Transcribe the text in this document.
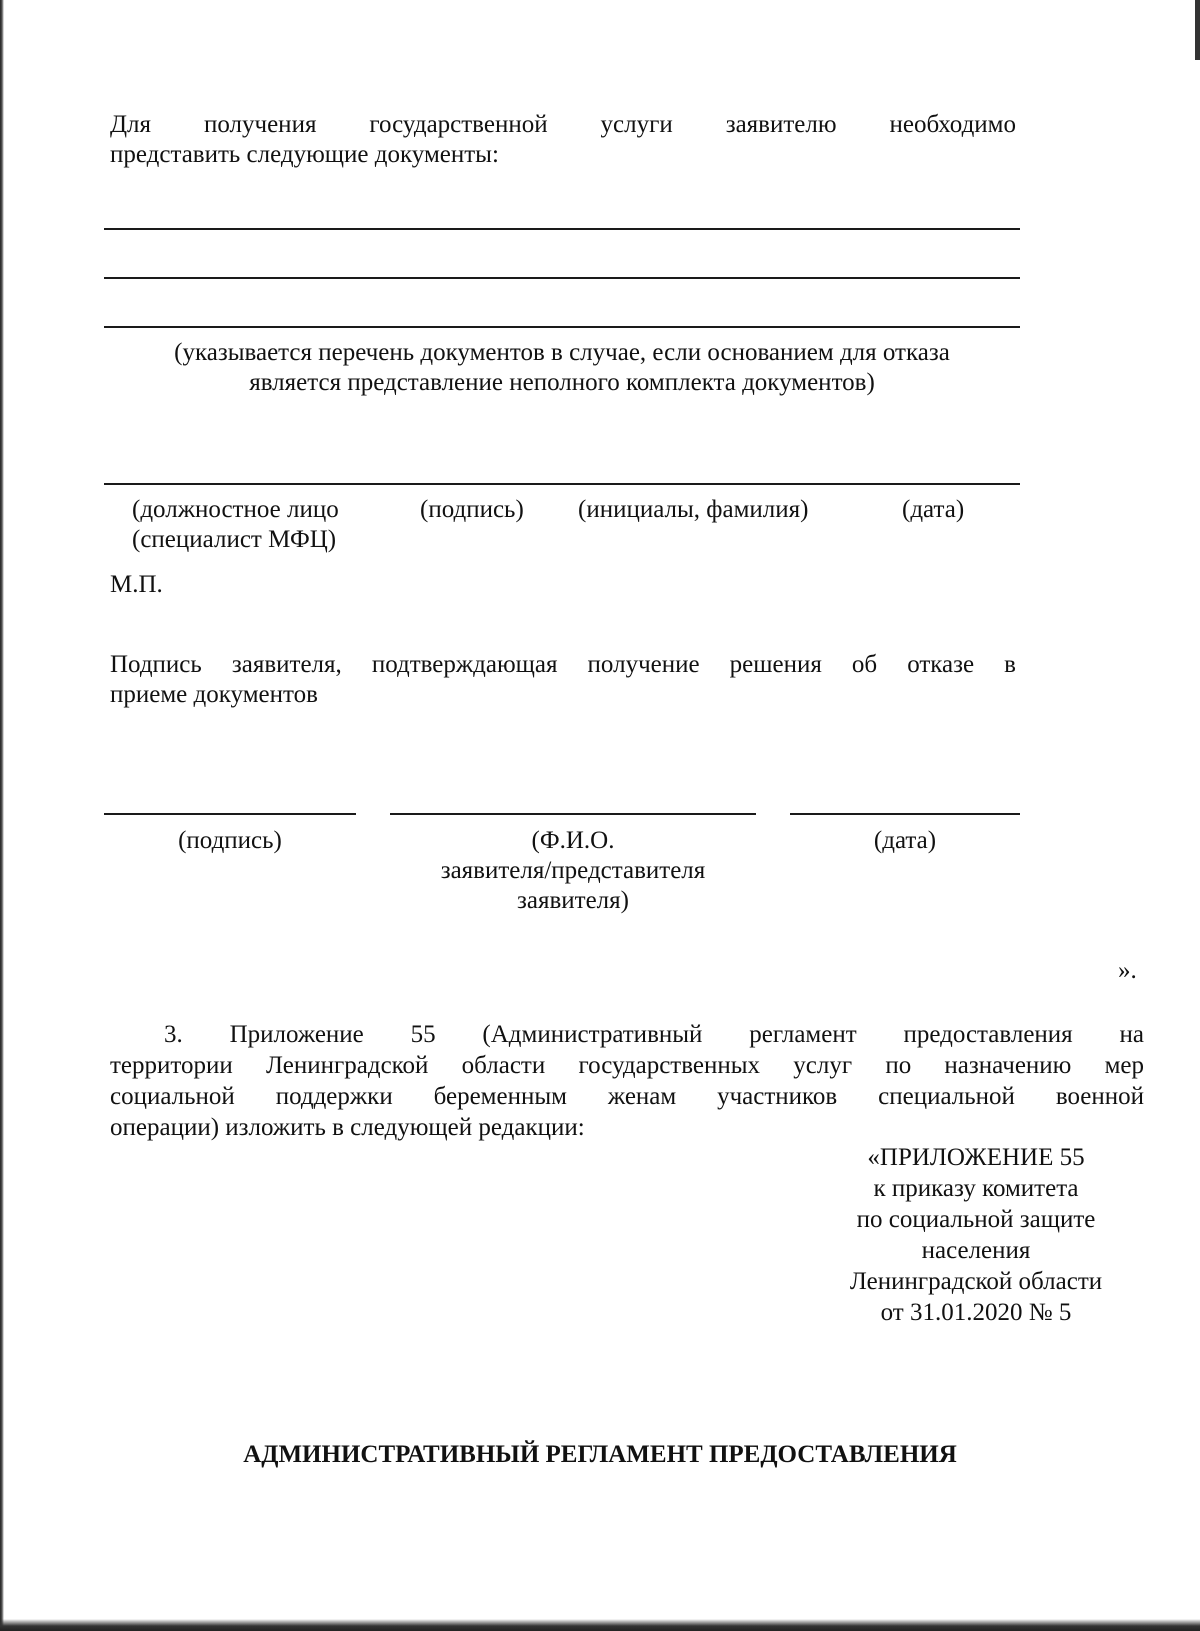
Для получения государственной услуги заявителю необходимо
представить следующие документы:
(указывается перечень документов в случае, если основанием для отказа
является представление неполного комплекта документов)
(должностное лицо
(специалист МФЦ)
(подпись) (инициалы, фамилия)	(дата)
М.П.
Подпись заявителя, подтверждающая получение решения об отказе в
приеме документов
(подпись)	(Ф.И.О.
заявителя/представителя
заявителя)
(дата)
».
3. Приложение 55 (Административный регламент предоставления на
территории Ленинградской области государственных услуг по назначению мер
социальной поддержки беременным женам участников специальной военной
операции) изложить в следующей редакции:
«ПРИЛОЖЕНИЕ 55
к приказу комитета
по социальной защите
населения
Ленинградской области
от 31.01.2020 № 5
АДМИНИСТРАТИВНЫЙ РЕГЛАМЕНТ ПРЕДОСТАВЛЕНИЯ
